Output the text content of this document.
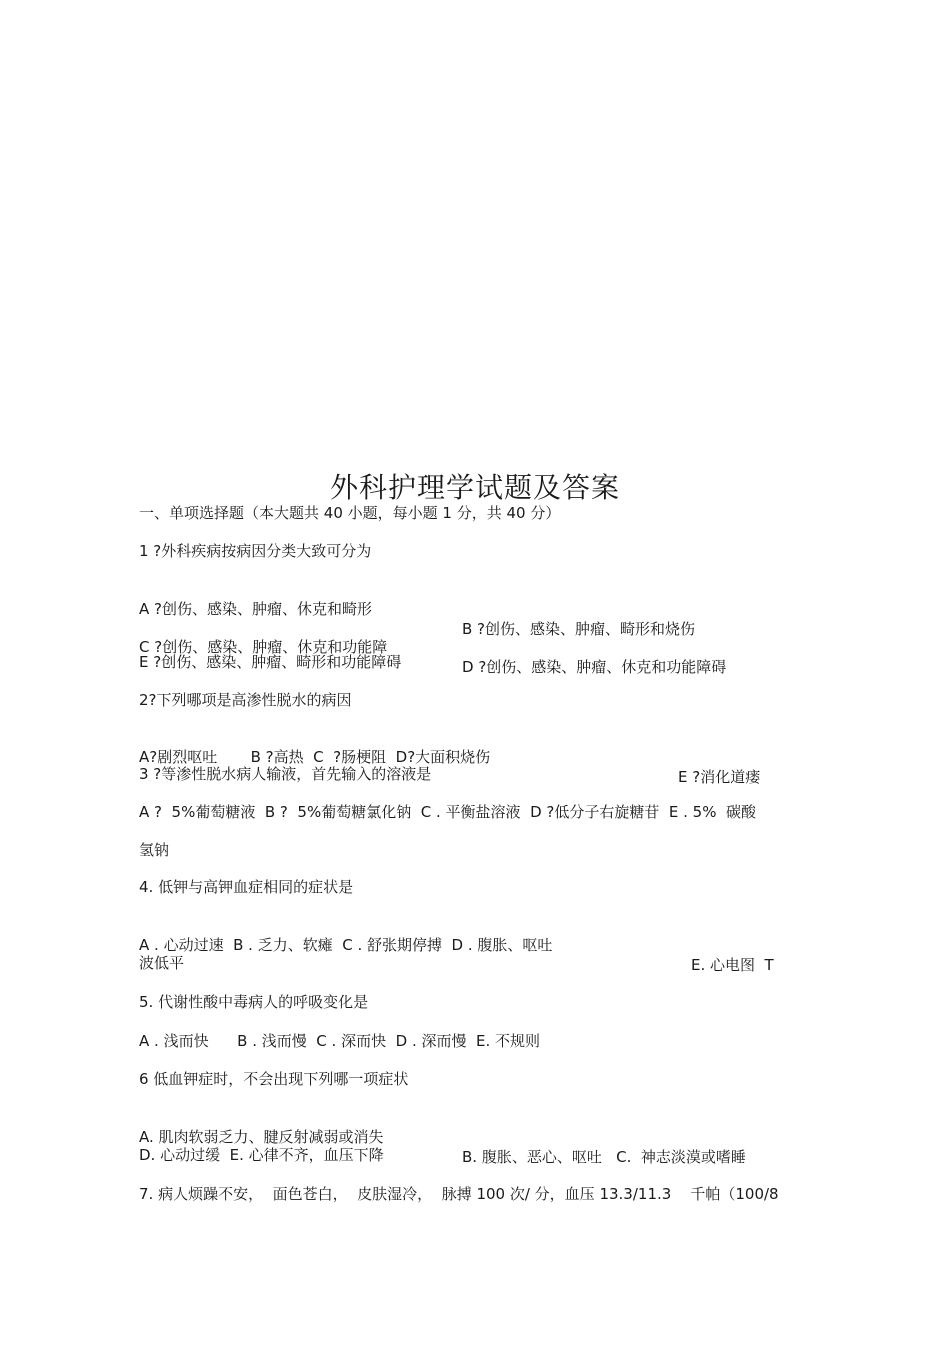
外科护理学试题及答案
一、单项选择题（本大题共 40 小题，每小题 1 分，共 40 分）
1 ?外科疾病按病因分类大致可分为

A ?创伤、感染、肿瘤、休克和畸形

B ?创伤、感染、肿瘤、畸形和烧伤

C ?创伤、感染、肿瘤、休克和功能障

D ?创伤、感染、肿瘤、休克和功能障碍

E ?创伤、感染、肿瘤、畸形和功能障碍
2?下列哪项是高渗性脱水的病因

A?剧烈呕吐       B ?高热  C  ?肠梗阻  D?大面积烧伤

E ?消化道瘘

3 ?等渗性脱水病人输液，首先输入的溶液是
A ?  5%葡萄糖液  B ?  5%葡萄糖氯化钠  C . 平衡盐溶液  D ?低分子右旋糖苷  E . 5%  碳酸
氢钠
4. 低钾与高钾血症相同的症状是

A . 心动过速  B . 乏力、软瘫  C . 舒张期停搏  D . 腹胀、呕吐

E. 心电图  T

波低平
5. 代谢性酸中毒病人的呼吸变化是
A . 浅而快      B . 浅而慢  C . 深而快  D . 深而慢  E. 不规则
6 低血钾症时，不会出现下列哪一项症状

A. 肌肉软弱乏力、腱反射减弱或消失

B. 腹胀、恶心、呕吐   C.  神志淡漠或嗜睡

D. 心动过缓  E. 心律不齐，血压下降
7. 病人烦躁不安，  面色苍白，  皮肤湿冷，  脉搏 100 次/ 分，血压 13.3/11.3    千帕（100/8
